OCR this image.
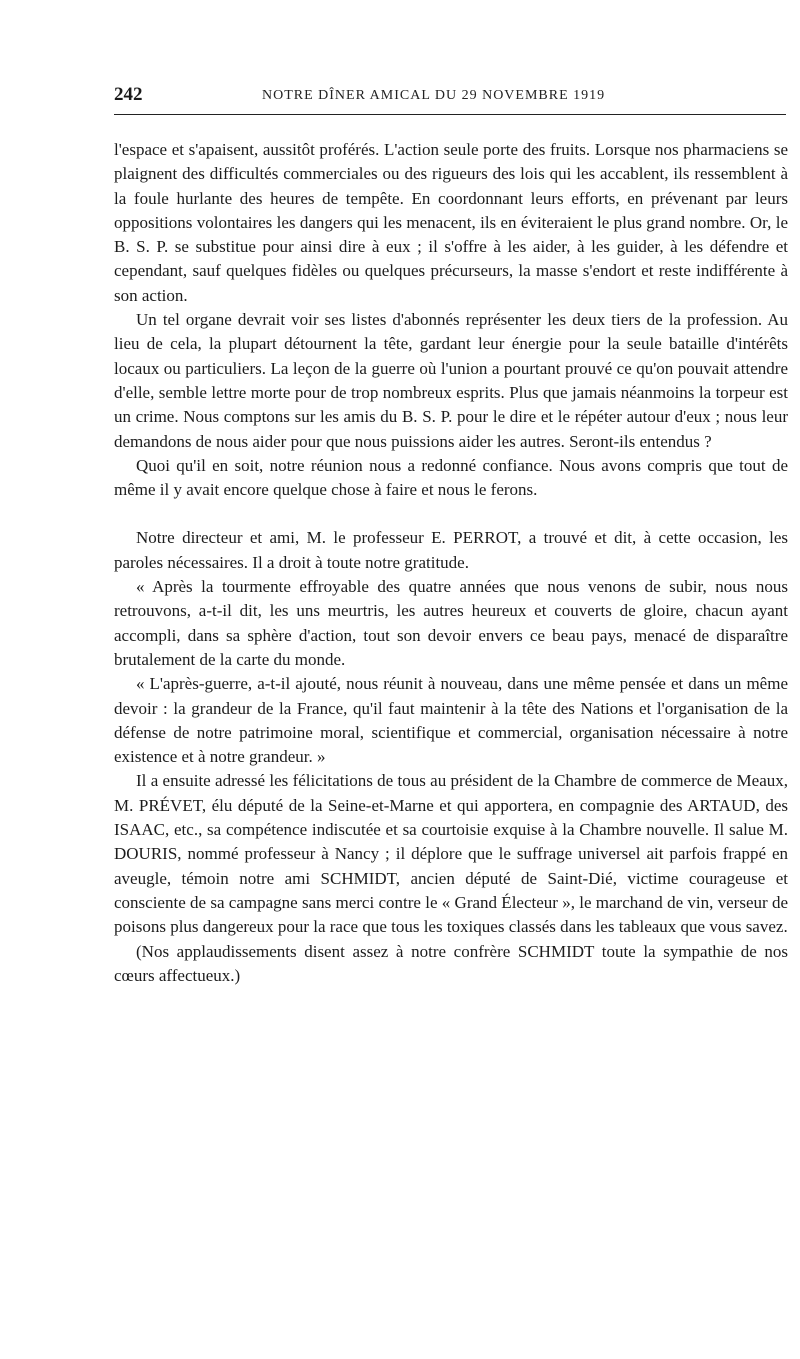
242	NOTRE DÎNER AMICAL DU 29 NOVEMBRE 1919

l'espace et s'apaisent, aussitôt proférés. L'action seule porte des fruits. Lorsque nos pharmaciens se plaignent des difficultés commerciales ou des rigueurs des lois qui les accablent, ils ressemblent à la foule hurlante des heures de tempête. En coordonnant leurs efforts, en prévenant par leurs oppositions volontaires les dangers qui les menacent, ils en éviteraient le plus grand nombre. Or, le B. S. P. se substitue pour ainsi dire à eux ; il s'offre à les aider, à les guider, à les défendre et cependant, sauf quelques fidèles ou quelques précurseurs, la masse s'endort et reste indifférente à son action.

Un tel organe devrait voir ses listes d'abonnés représenter les deux tiers de la profession. Au lieu de cela, la plupart détournent la tête, gardant leur énergie pour la seule bataille d'intérêts locaux ou particuliers. La leçon de la guerre où l'union a pourtant prouvé ce qu'on pouvait attendre d'elle, semble lettre morte pour de trop nombreux esprits. Plus que jamais néanmoins la torpeur est un crime. Nous comptons sur les amis du B. S. P. pour le dire et le répéter autour d'eux ; nous leur demandons de nous aider pour que nous puissions aider les autres. Seront-ils entendus ?

Quoi qu'il en soit, notre réunion nous a redonné confiance. Nous avons compris que tout de même il y avait encore quelque chose à faire et nous le ferons.

Notre directeur et ami, M. le professeur E. PERROT, a trouvé et dit, à cette occasion, les paroles nécessaires. Il a droit à toute notre gratitude.

« Après la tourmente effroyable des quatre années que nous venons de subir, nous nous retrouvons, a-t-il dit, les uns meurtris, les autres heureux et couverts de gloire, chacun ayant accompli, dans sa sphère d'action, tout son devoir envers ce beau pays, menacé de disparaître brutalement de la carte du monde.

« L'après-guerre, a-t-il ajouté, nous réunit à nouveau, dans une même pensée et dans un même devoir : la grandeur de la France, qu'il faut maintenir à la tête des Nations et l'organisation de la défense de notre patrimoine moral, scientifique et commercial, organisation nécessaire à notre existence et à notre grandeur. »

Il a ensuite adressé les félicitations de tous au président de la Chambre de commerce de Meaux, M. PRÉVET, élu député de la Seine-et-Marne et qui apportera, en compagnie des ARTAUD, des ISAAC, etc., sa compétence indiscutée et sa courtoisie exquise à la Chambre nouvelle. Il salue M. DOURIS, nommé professeur à Nancy ; il déplore que le suffrage universel ait parfois frappé en aveugle, témoin notre ami SCHMIDT, ancien député de Saint-Dié, victime courageuse et consciente de sa campagne sans merci contre le « Grand Électeur », le marchand de vin, verseur de poisons plus dangereux pour la race que tous les toxiques classés dans les tableaux que vous savez.

(Nos applaudissements disent assez à notre confrère SCHMIDT toute la sympathie de nos cœurs affectueux.)
